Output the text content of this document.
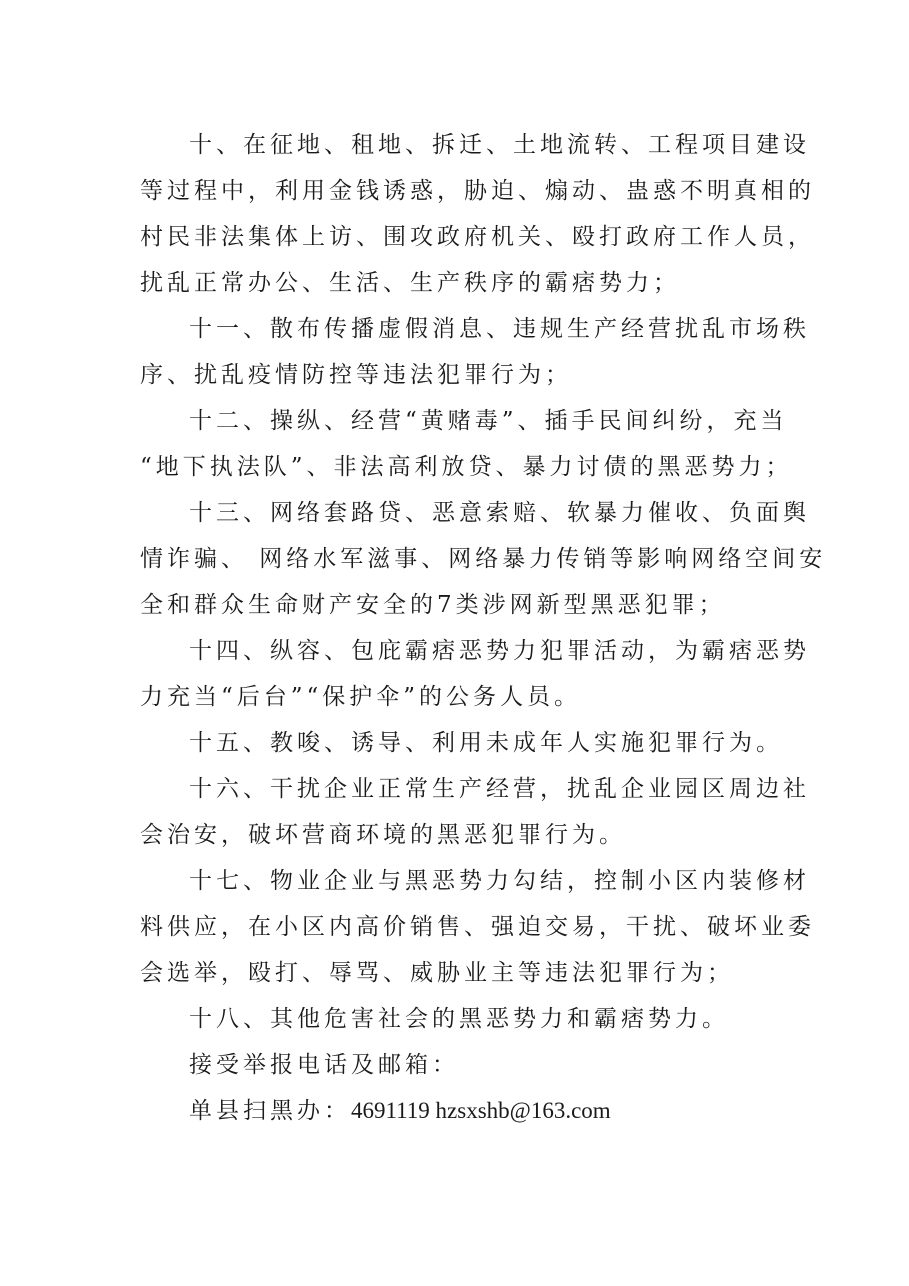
十、在征地、租地、拆迁、土地流转、工程项目建设
等过程中，利用金钱诱惑，胁迫、煽动、蛊惑不明真相的
村民非法集体上访、围攻政府机关、殴打政府工作人员，
扰乱正常办公、生活、生产秩序的霸痞势力；
十一、散布传播虚假消息、违规生产经营扰乱市场秩
序、扰乱疫情防控等违法犯罪行为；
十二、操纵、经营“黄赌毒”、插手民间纠纷，充当
“地下执法队”、非法高利放贷、暴力讨债的黑恶势力；
十三、网络套路贷、恶意索赔、软暴力催收、负面舆
情诈骗、 网络水军滋事、网络暴力传销等影响网络空间安
全和群众生命财产安全的7类涉网新型黑恶犯罪；
十四、纵容、包庇霸痞恶势力犯罪活动，为霸痞恶势
力充当“后台”“保护伞”的公务人员。
十五、教唆、诱导、利用未成年人实施犯罪行为。
十六、干扰企业正常生产经营，扰乱企业园区周边社
会治安，破坏营商环境的黑恶犯罪行为。
十七、物业企业与黑恶势力勾结，控制小区内装修材
料供应，在小区内高价销售、强迫交易，干扰、破坏业委
会选举，殴打、辱骂、威胁业主等违法犯罪行为；
十八、其他危害社会的黑恶势力和霸痞势力。
接受举报电话及邮箱：
单县扫黑办：4691119 hzsxshb@163.com
